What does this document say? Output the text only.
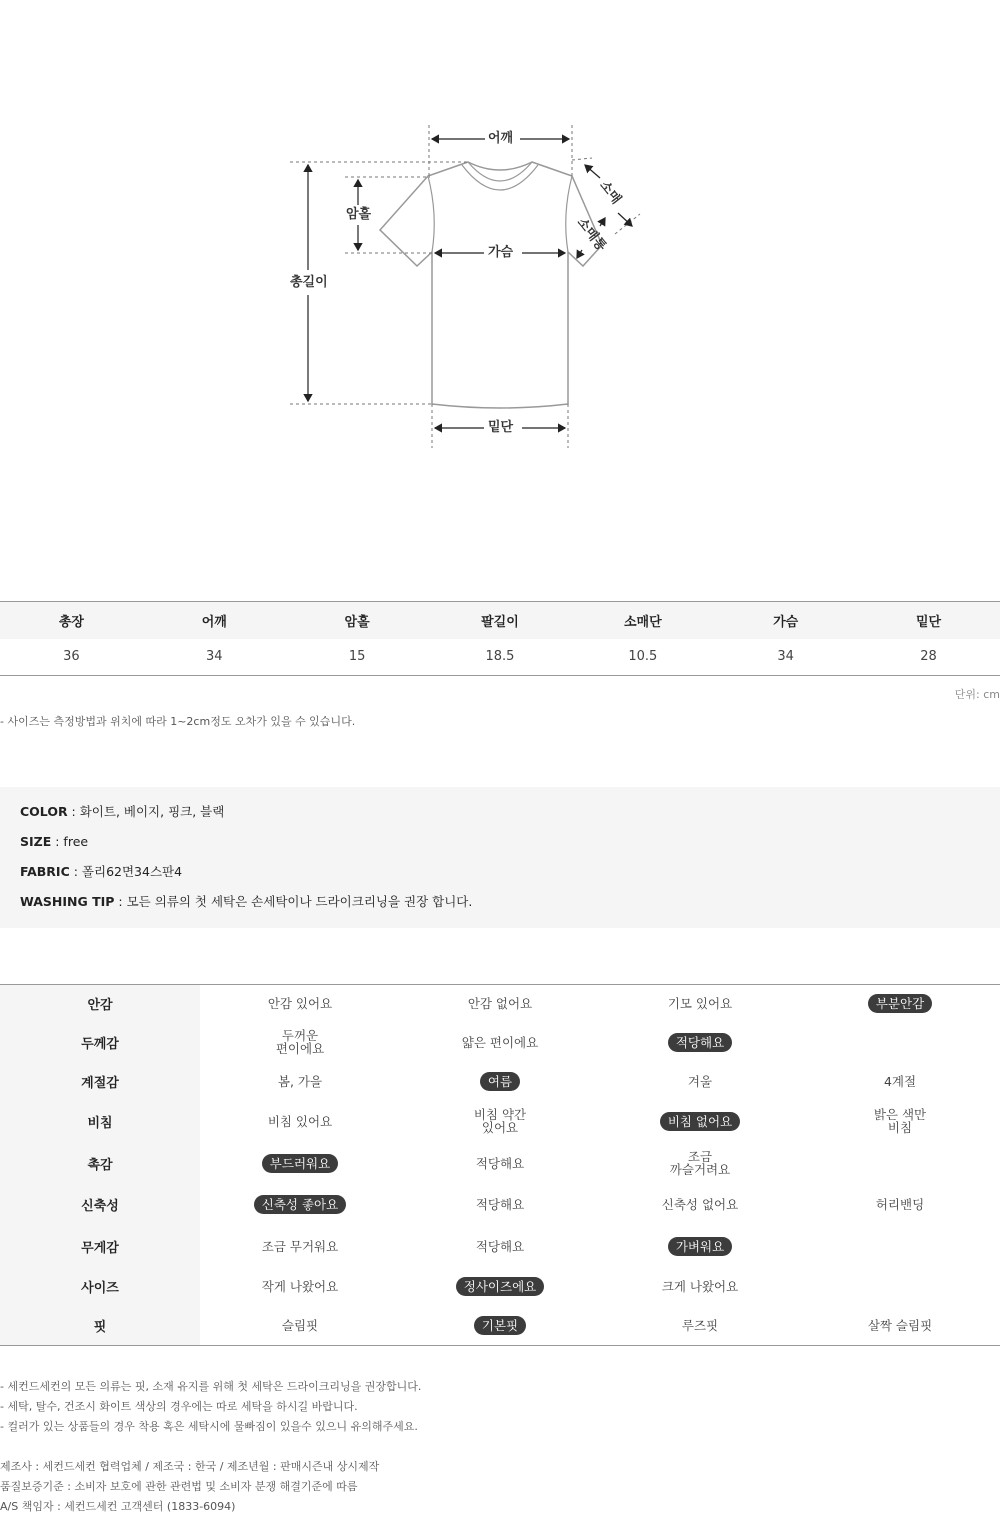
어깨
암홀
총길이
가슴
소매
소매통
밑단
총장	어깨	암홀	팔길이	소매단	가슴	밑단
36	34	15	18.5	10.5	34	28
단위: cm
- 사이즈는 측정방법과 위치에 따라 1~2cm정도 오차가 있을 수 있습니다.
COLOR : 화이트, 베이지, 핑크, 블랙
SIZE : free
FABRIC : 폴리62면34스판4
WASHING TIP : 모든 의류의 첫 세탁은 손세탁이나 드라이크리닝을 권장 합니다.
안감	안감 있어요	안감 없어요	기모 있어요	부분안감
두께감	두꺼운 편이에요	얇은 편이에요	적당해요	
계절감	봄, 가을	여름	겨울	4계절
비침	비침 있어요	비침 약간 있어요	비침 없어요	밝은 색만 비침
촉감	부드러워요	적당해요	조금 까슬거려요	
신축성	신축성 좋아요	적당해요	신축성 없어요	허리밴딩
무게감	조금 무거워요	적당해요	가벼워요	
사이즈	작게 나왔어요	정사이즈에요	크게 나왔어요	
핏	슬림핏	기본핏	루즈핏	살짝 슬림핏
- 세컨드세컨의 모든 의류는 핏, 소재 유지를 위해 첫 세탁은 드라이크리닝을 권장합니다.
- 세탁, 탈수, 건조시 화이트 색상의 경우에는 따로 세탁을 하시길 바랍니다.
- 컬러가 있는 상품들의 경우 착용 혹은 세탁시에 물빠짐이 있을수 있으니 유의해주세요.
제조사 : 세컨드세컨 협력업체 / 제조국 : 한국 / 제조년월 : 판매시즌내 상시제작
품질보증기준 : 소비자 보호에 관한 관련법 및 소비자 분쟁 해결기준에 따름
A/S 책임자 : 세컨드세컨 고객센터 (1833-6094)
